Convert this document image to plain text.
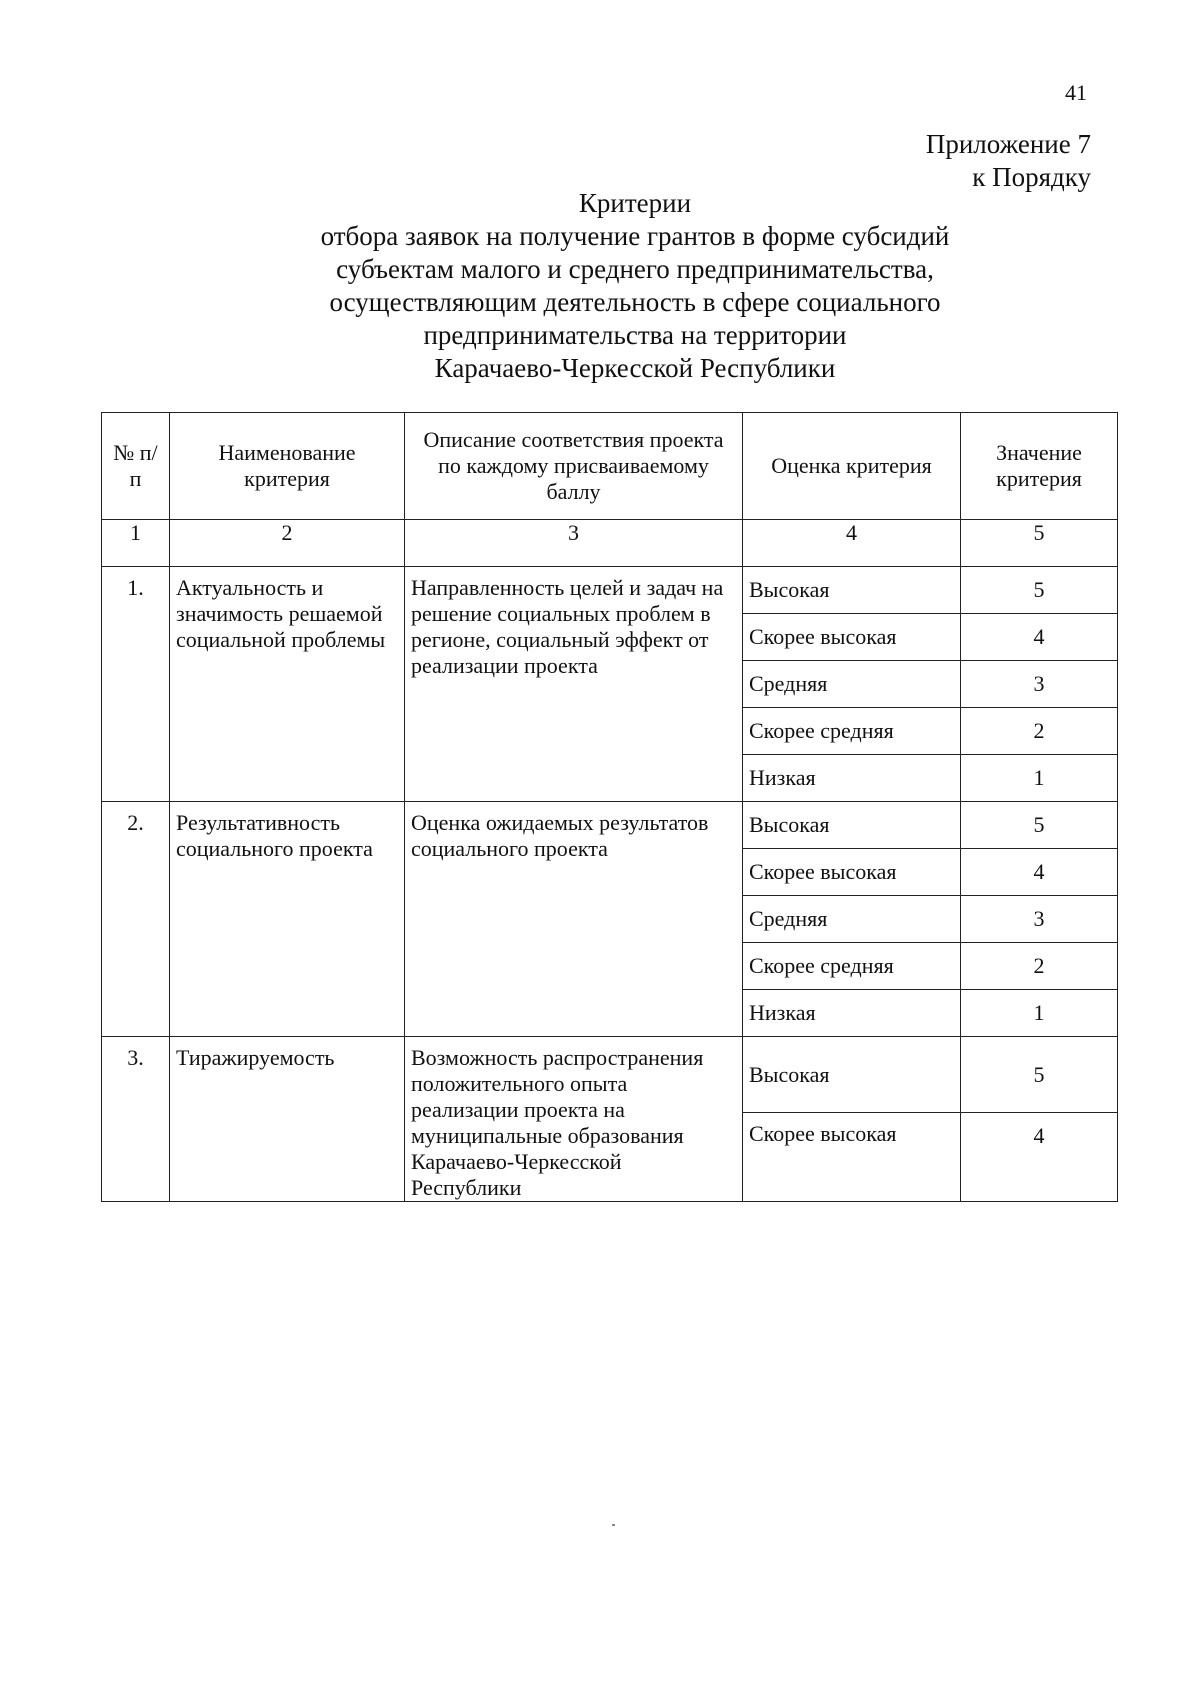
41
Приложение 7
к Порядку
Критерии
отбора заявок на получение грантов в форме субсидий
субъектам малого и среднего предпринимательства,
осуществляющим деятельность в сфере социального
предпринимательства на территории
Карачаево-Черкесской Республики
№ п/п	Наименование критерия	Описание соответствия проекта по каждому присваиваемому баллу	Оценка критерия	Значение критерия
1	2	3	4	5
1.	Актуальность и значимость решаемой социальной проблемы	Направленность целей и задач на решение социальных проблем в регионе, социальный эффект от реализации проекта	Высокая	5
			Скорее высокая	4
			Средняя	3
			Скорее средняя	2
			Низкая	1
2.	Результативность социального проекта	Оценка ожидаемых результатов социального проекта	Высокая	5
			Скорее высокая	4
			Средняя	3
			Скорее средняя	2
			Низкая	1
3.	Тиражируемость	Возможность распространения положительного опыта реализации проекта на муниципальные образования Карачаево-Черкесской Республики	Высокая	5
			Скорее высокая	4
